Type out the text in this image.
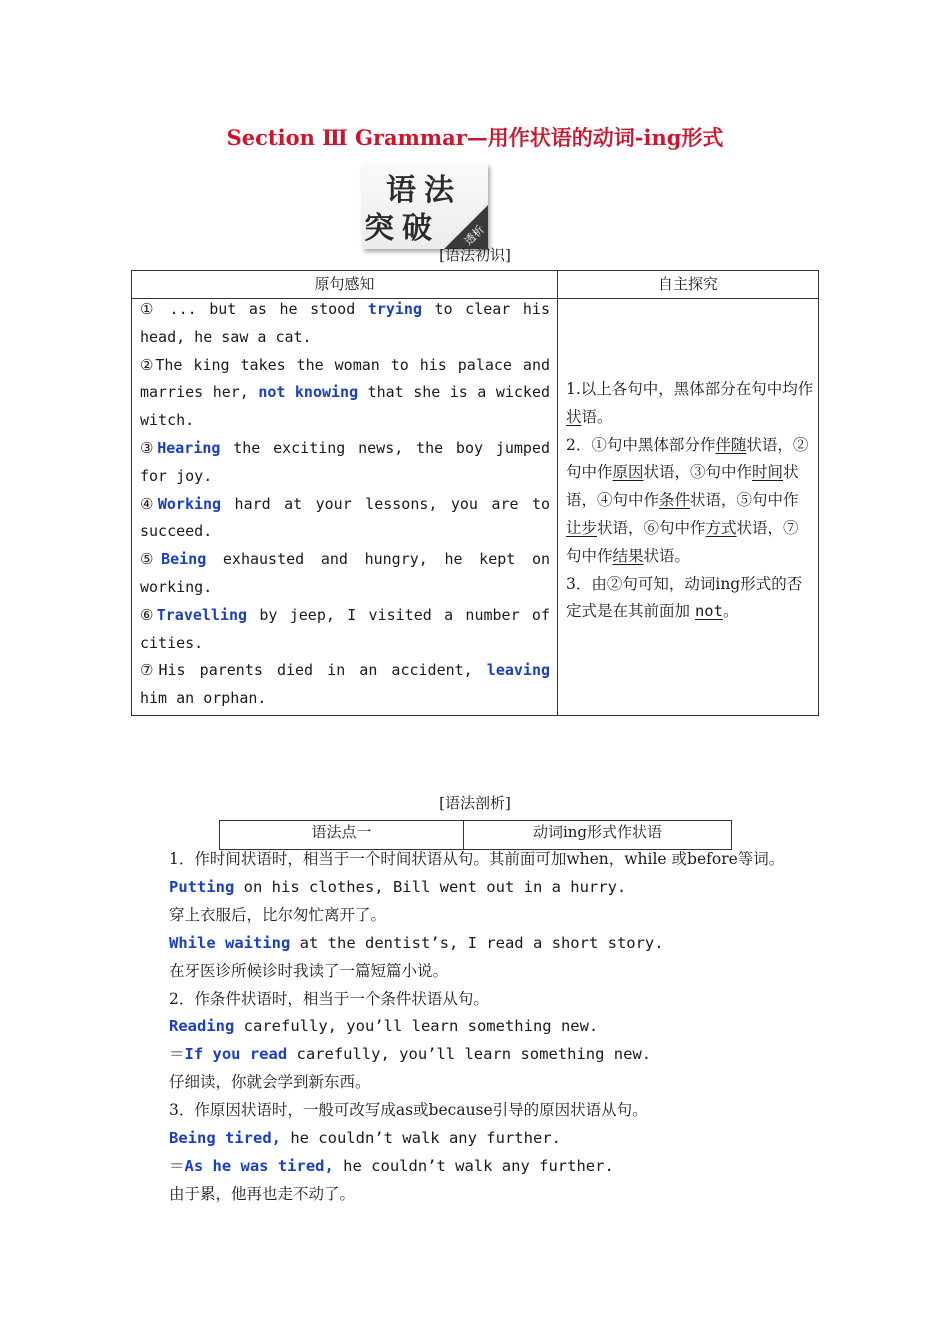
Section Ⅲ Grammar—用作状语的动词-ing形式
语法
突破 透析
[语法初识]
原句感知	自主探究

① ... but as he stood trying to clear his head, he saw a cat.

②The king takes the woman to his palace and marries her, not knowing that she is a wicked witch.

③Hearing the exciting news, the boy jumped for joy.

④Working hard at your lessons, you are to succeed.

⑤Being exhausted and hungry, he kept on working.

⑥Travelling by jeep, I visited a number of cities.

⑦His parents died in an accident, leaving him an orphan.

1.以上各句中，黑体部分在句中均作状语。

2．①句中黑体部分作伴随状语，②句中作原因状语，③句中作时间状语，④句中作条件状语，⑤句中作让步状语，⑥句中作方式状语，⑦句中作结果状语。

3．由②句可知，动词ing形式的否定式是在其前面加 not。

[语法剖析]
语法点一	动词ing形式作状语

1．作时间状语时，相当于一个时间状语从句。其前面可加when，while 或before等词。

Putting on his clothes, Bill went out in a hurry.

穿上衣服后，比尔匆忙离开了。

While waiting at the dentist’s, I read a short story.

在牙医诊所候诊时我读了一篇短篇小说。

2．作条件状语时，相当于一个条件状语从句。

Reading carefully, you’ll learn something new.

＝If you read carefully, you’ll learn something new.

仔细读，你就会学到新东西。

3．作原因状语时，一般可改写成as或because引导的原因状语从句。

Being tired, he couldn’t walk any further.

＝As he was tired, he couldn’t walk any further.

由于累，他再也走不动了。
